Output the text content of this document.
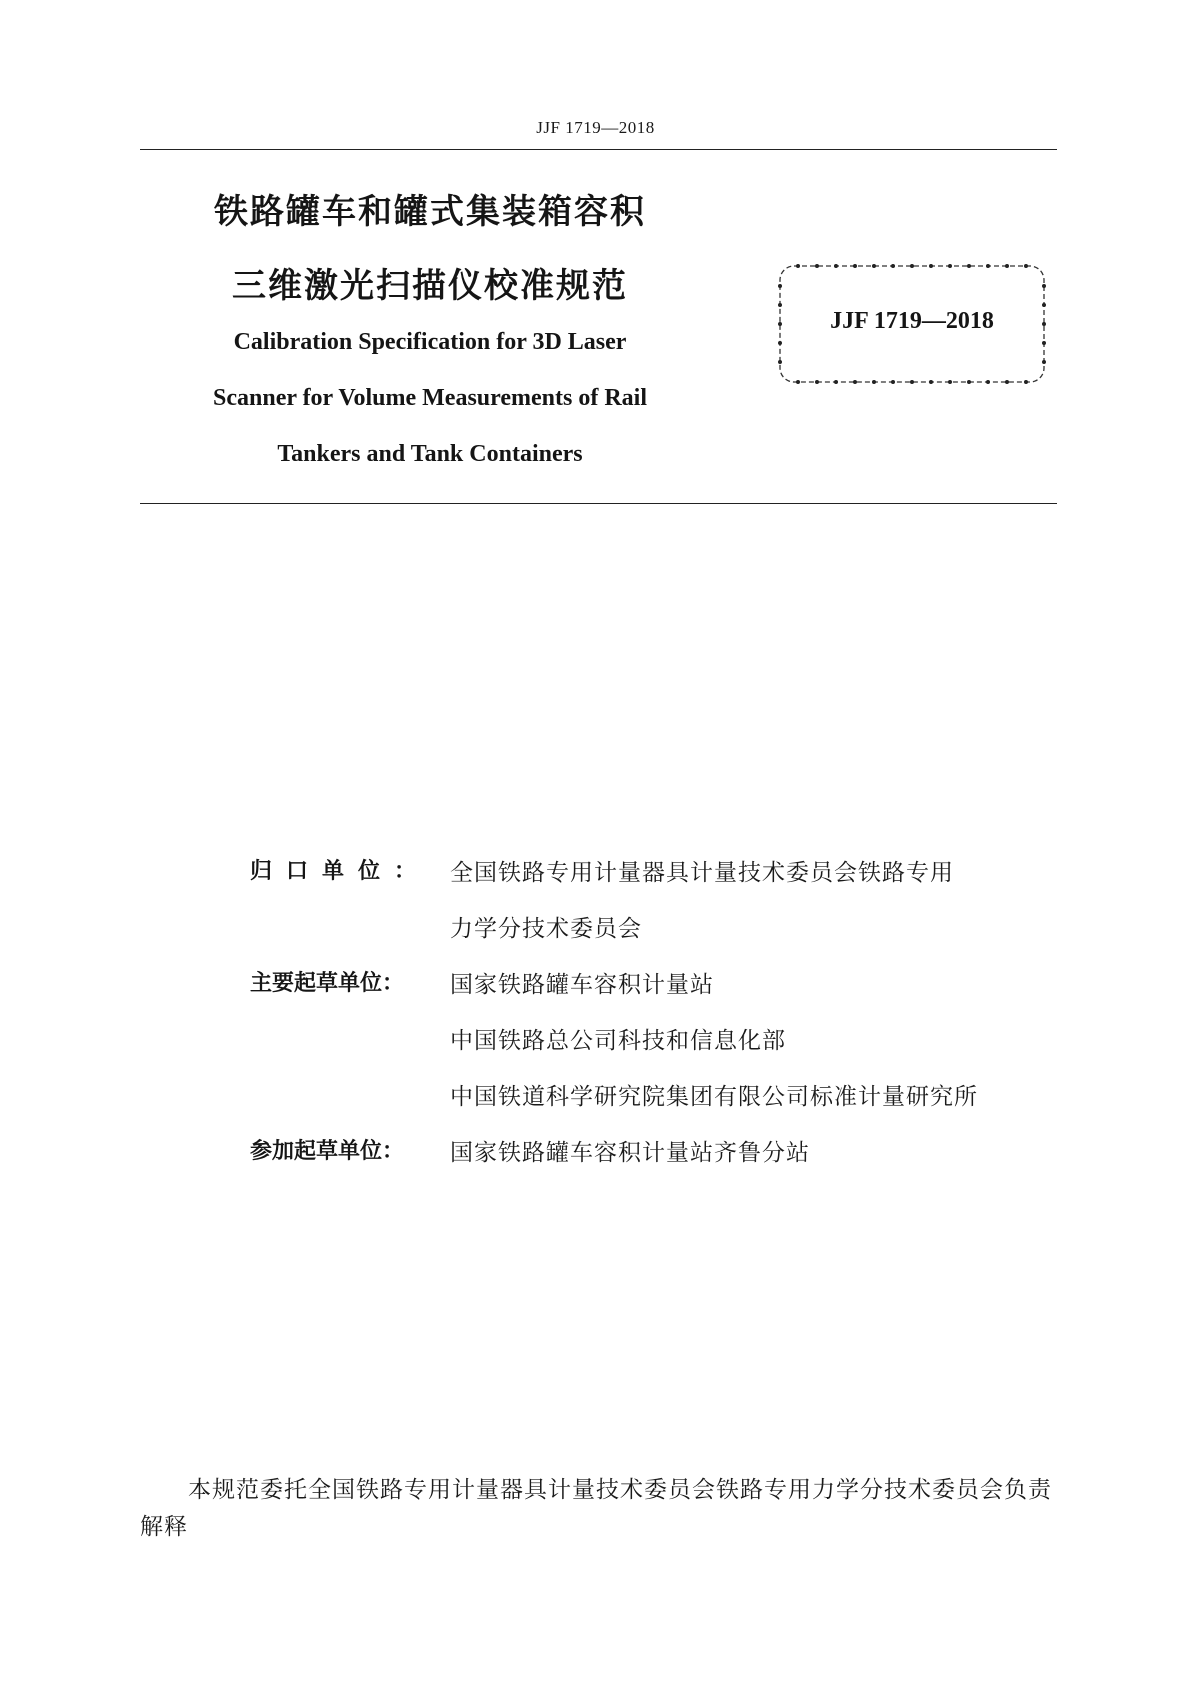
JJF 1719—2018
铁路罐车和罐式集装箱容积
三维激光扫描仪校准规范
Calibration Specification for 3D Laser
Scanner for Volume Measurements of Rail
Tankers and Tank Containers
JJF 1719—2018
归口单位： 全国铁路专用计量器具计量技术委员会铁路专用
力学分技术委员会
主要起草单位：	国家铁路罐车容积计量站
中国铁路总公司科技和信息化部
中国铁道科学研究院集团有限公司标准计量研究所
参加起草单位：	国家铁路罐车容积计量站齐鲁分站
本规范委托全国铁路专用计量器具计量技术委员会铁路专用力学分技术委员会负责解释
